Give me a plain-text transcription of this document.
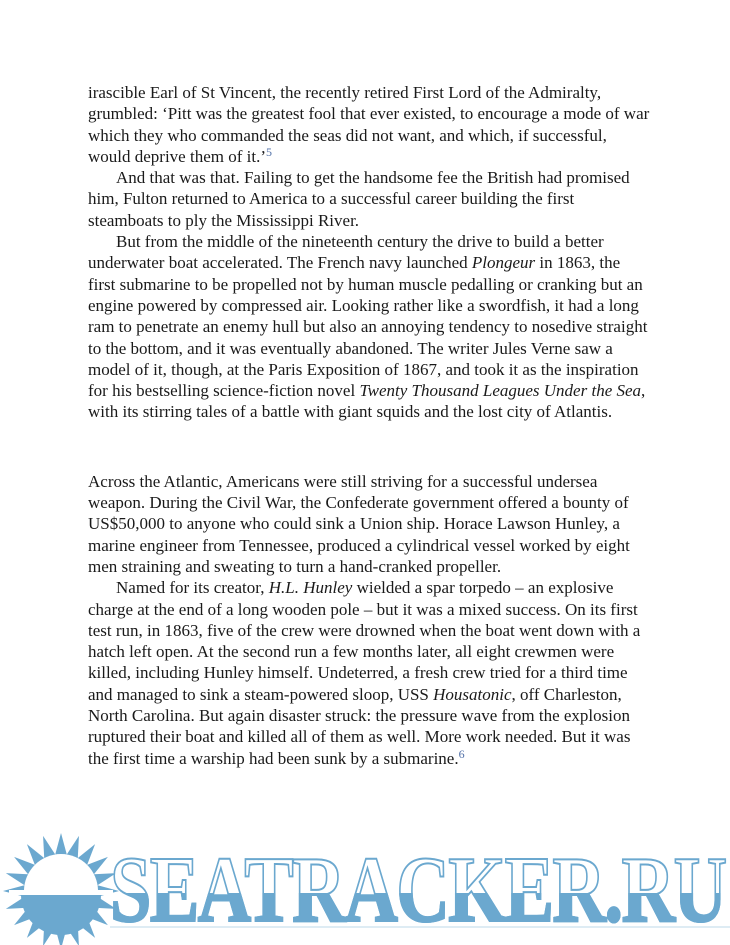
irascible Earl of St Vincent, the recently retired First Lord of the Admiralty, grumbled: ‘Pitt was the greatest fool that ever existed, to encourage a mode of war which they who commanded the seas did not want, and which, if successful, would deprive them of it.’$^5$

And that was that. Failing to get the handsome fee the British had promised him, Fulton returned to America to a successful career building the first steamboats to ply the Mississippi River.

But from the middle of the nineteenth century the drive to build a better underwater boat accelerated. The French navy launched Plongeur in 1863, the first submarine to be propelled not by human muscle pedalling or cranking but an engine powered by compressed air. Looking rather like a swordfish, it had a long ram to penetrate an enemy hull but also an annoying tendency to nosedive straight to the bottom, and it was eventually abandoned. The writer Jules Verne saw a model of it, though, at the Paris Exposition of 1867, and took it as the inspiration for his bestselling science-fiction novel Twenty Thousand Leagues Under the Sea, with its stirring tales of a battle with giant squids and the lost city of Atlantis.

Across the Atlantic, Americans were still striving for a successful undersea weapon. During the Civil War, the Confederate government offered a bounty of US$50,000 to anyone who could sink a Union ship. Horace Lawson Hunley, a marine engineer from Tennessee, produced a cylindrical vessel worked by eight men straining and sweating to turn a hand-cranked propeller.

Named for its creator, H.L. Hunley wielded a spar torpedo – an explosive charge at the end of a long wooden pole – but it was a mixed success. On its first test run, in 1863, five of the crew were drowned when the boat went down with a hatch left open. At the second run a few months later, all eight crewmen were killed, including Hunley himself. Undeterred, a fresh crew tried for a third time and managed to sink a steam-powered sloop, USS Housatonic, off Charleston, North Carolina. But again disaster struck: the pressure wave from the explosion ruptured their boat and killed all of them as well. More work needed. But it was the first time a warship had been sunk by a submarine.$^6$

SEATRACKER.RU
